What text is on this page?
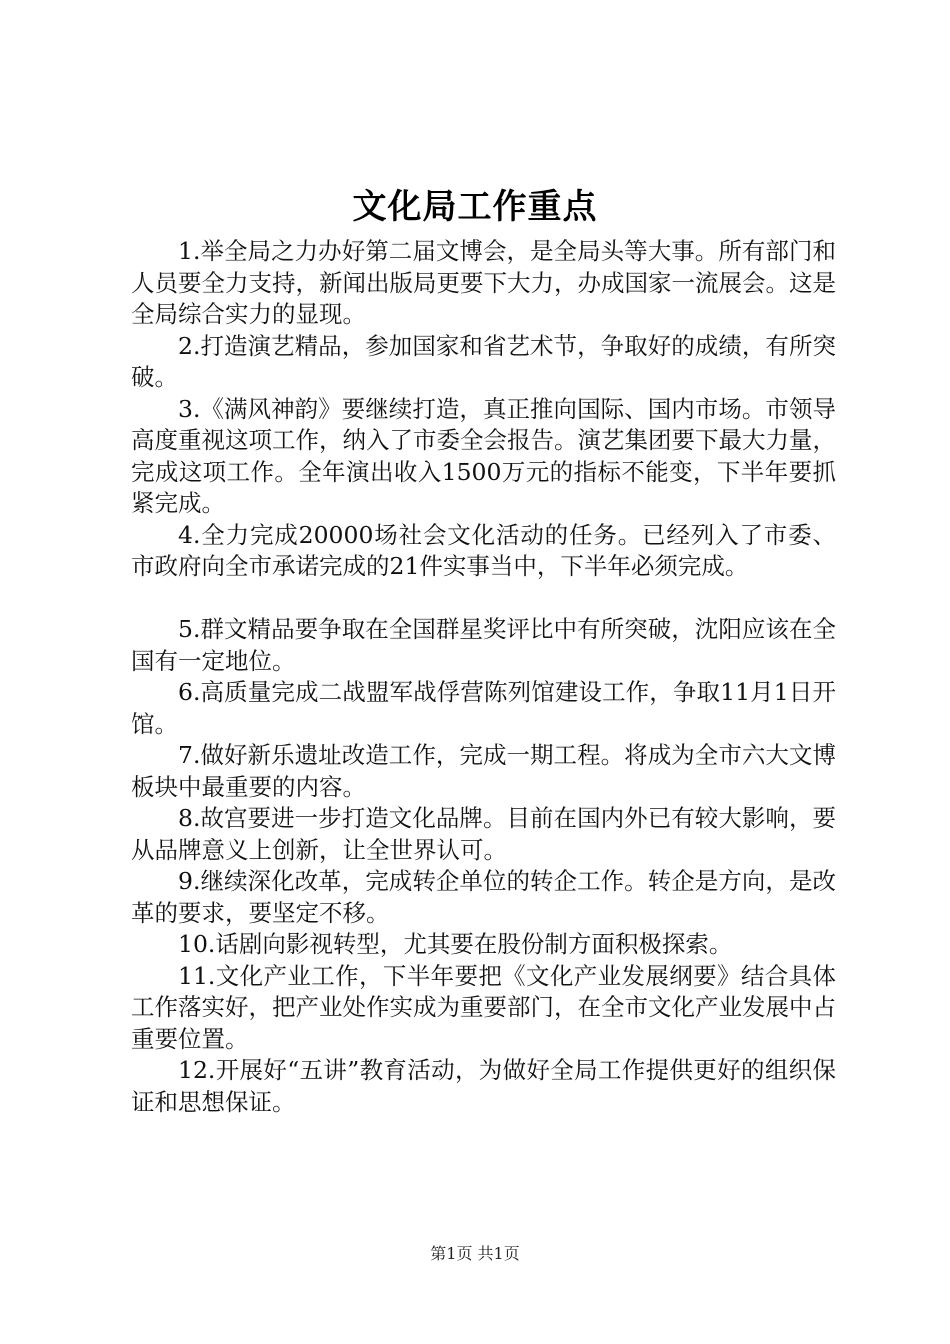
文化局工作重点

1.举全局之力办好第二届文博会，是全局头等大事。所有部门和人员要全力支持，新闻出版局更要下大力，办成国家一流展会。这是全局综合实力的显现。

2.打造演艺精品，参加国家和省艺术节，争取好的成绩，有所突破。

3.《满风神韵》要继续打造，真正推向国际、国内市场。市领导高度重视这项工作，纳入了市委全会报告。演艺集团要下最大力量，完成这项工作。全年演出收入1500万元的指标不能变，下半年要抓紧完成。

4.全力完成20000场社会文化活动的任务。已经列入了市委、市政府向全市承诺完成的21件实事当中，下半年必须完成。

5.群文精品要争取在全国群星奖评比中有所突破，沈阳应该在全国有一定地位。

6.高质量完成二战盟军战俘营陈列馆建设工作，争取11月1日开馆。

7.做好新乐遗址改造工作，完成一期工程。将成为全市六大文博板块中最重要的内容。

8.故宫要进一步打造文化品牌。目前在国内外已有较大影响，要从品牌意义上创新，让全世界认可。

9.继续深化改革，完成转企单位的转企工作。转企是方向，是改革的要求，要坚定不移。

10.话剧向影视转型，尤其要在股份制方面积极探索。

11.文化产业工作，下半年要把《文化产业发展纲要》结合具体工作落实好，把产业处作实成为重要部门，在全市文化产业发展中占重要位置。

12.开展好“五讲”教育活动，为做好全局工作提供更好的组织保证和思想保证。

第1页 共1页
